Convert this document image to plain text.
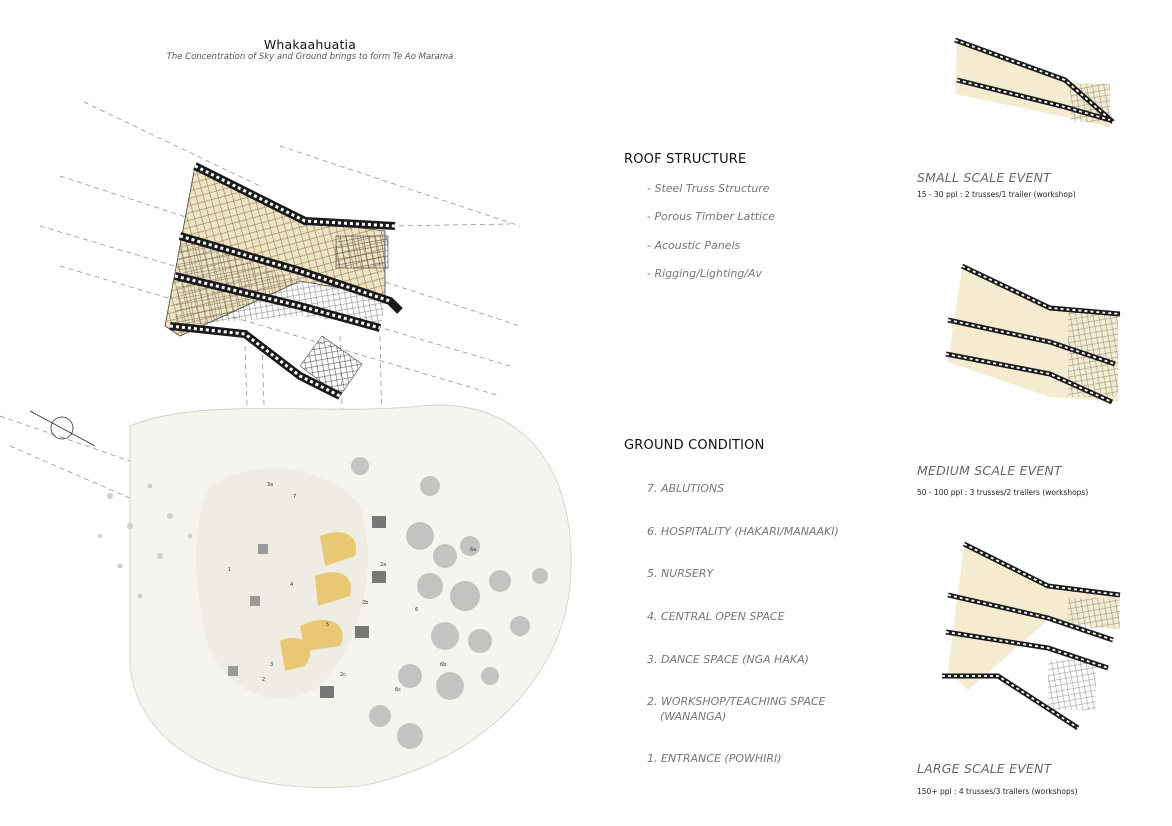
Whakaahuatia
The Concentration of Sky and Ground brings to form Te Ao Marama
1
2
2a
2b
2c
3
3a
4
5
6
6a
6b
6c
7
ROOF STRUCTURE
- Steel Truss Structure
- Porous Timber Lattice
- Acoustic Panels
- Rigging/Lighting/Av
GROUND CONDITION
7. ABLUTIONS
6. HOSPITALITY (HAKARI/MANAAKI)
5. NURSERY
4. CENTRAL OPEN SPACE
3. DANCE SPACE (NGA HAKA)
2. WORKSHOP/TEACHING SPACE
(WANANGA)
1. ENTRANCE (POWHIRI)
SMALL SCALE EVENT
15 - 30 ppl : 2 trusses/1 trailer (workshop)
MEDIUM SCALE EVENT
50 - 100 ppl : 3 trusses/2 trailers (workshops)
LARGE SCALE EVENT
150+ ppl : 4 trusses/3 trailers (workshops)
